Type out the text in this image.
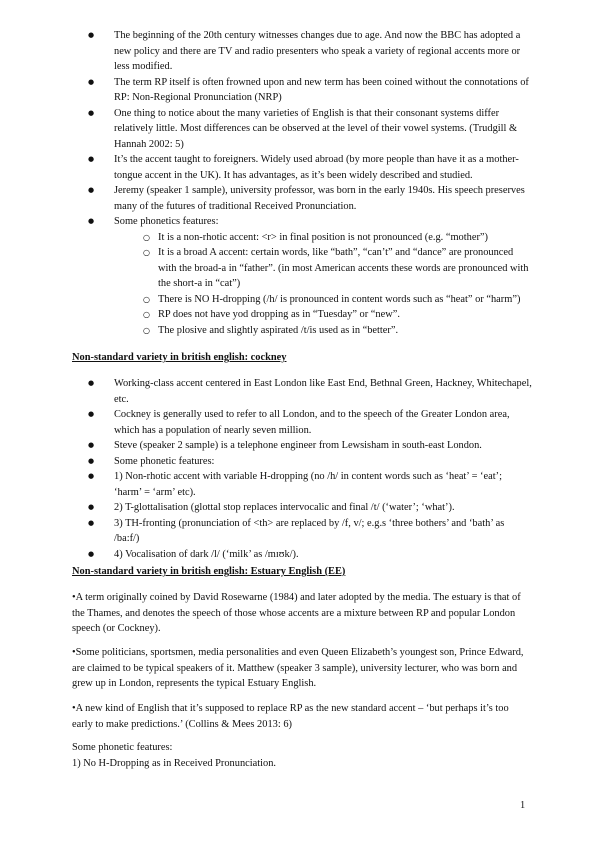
● The beginning of the 20th century witnesses changes due to age. And now the BBC has adopted a new policy and there are TV and radio presenters who speak a variety of regional accents more or less modified.
● The term RP itself is often frowned upon and new term has been coined without the connotations of RP: Non-Regional Pronunciation (NRP)
● One thing to notice about the many varieties of English is that their consonant systems differ relatively little. Most differences can be observed at the level of their vowel systems. (Trudgill & Hannah 2002: 5)
● It’s the accent taught to foreigners. Widely used abroad (by more people than have it as a mother-tongue accent in the UK). It has advantages, as it’s been widely described and studied.
● Jeremy (speaker 1 sample), university professor, was born in the early 1940s. His speech preserves many of the futures of traditional Received Pronunciation.
● Some phonetics features:
○ It is a non-rhotic accent: <r> in final position is not pronounced (e.g. “mother”)
○ It is a broad A accent: certain words, like “bath”, “can’t” and “dance” are pronounced with the broad-a in “father”. (in most American accents these words are pronounced with the short-a in “cat”)
○ There is NO H-dropping (/h/ is pronounced in content words such as “heat” or “harm”)
○ RP does not have yod dropping as in “Tuesday” or “new”.
○ The plosive and slightly aspirated /t/is used as in “better”.
Non-standard variety in british english: cockney
● Working-class accent centered in East London like East End, Bethnal Green, Hackney, Whitechapel, etc.
● Cockney is generally used to refer to all London, and to the speech of the Greater London area, which has a population of nearly seven million.
● Steve (speaker 2 sample) is a telephone engineer from Lewsisham in south-east London.
● Some phonetic features:
● 1) Non-rhotic accent with variable H-dropping (no /h/ in content words such as ‘heat’ = ‘eat’; ‘harm’ = ‘arm’ etc).
● 2) T-glottalisation (glottal stop replaces intervocalic and final /t/ (‘water’; ‘what’).
● 3) TH-fronting (pronunciation of <th> are replaced by /f, v/; e.g.s ‘three bothers’ and ‘bath’ as /ba:f/)
● 4) Vocalisation of dark /l/ (‘milk’ as /mɪʊk/).
Non-standard variety in british english: Estuary English (EE)

•A term originally coined by David Rosewarne (1984) and later adopted by the media. The estuary is that of the Thames, and denotes the speech of those whose accents are a mixture between RP and popular London speech (or Cockney).

•Some politicians, sportsmen, media personalities and even Queen Elizabeth’s youngest son, Prince Edward, are claimed to be typical speakers of it. Matthew (speaker 3 sample), university lecturer, who was born and grew up in London, represents the typical Estuary English.

•A new kind of English that it’s supposed to replace RP as the new standard accent – ‘but perhaps it’s too early to make predictions.’ (Collins & Mees 2013: 6)

Some phonetic features:

1) No H-Dropping as in Received Pronunciation.

1
